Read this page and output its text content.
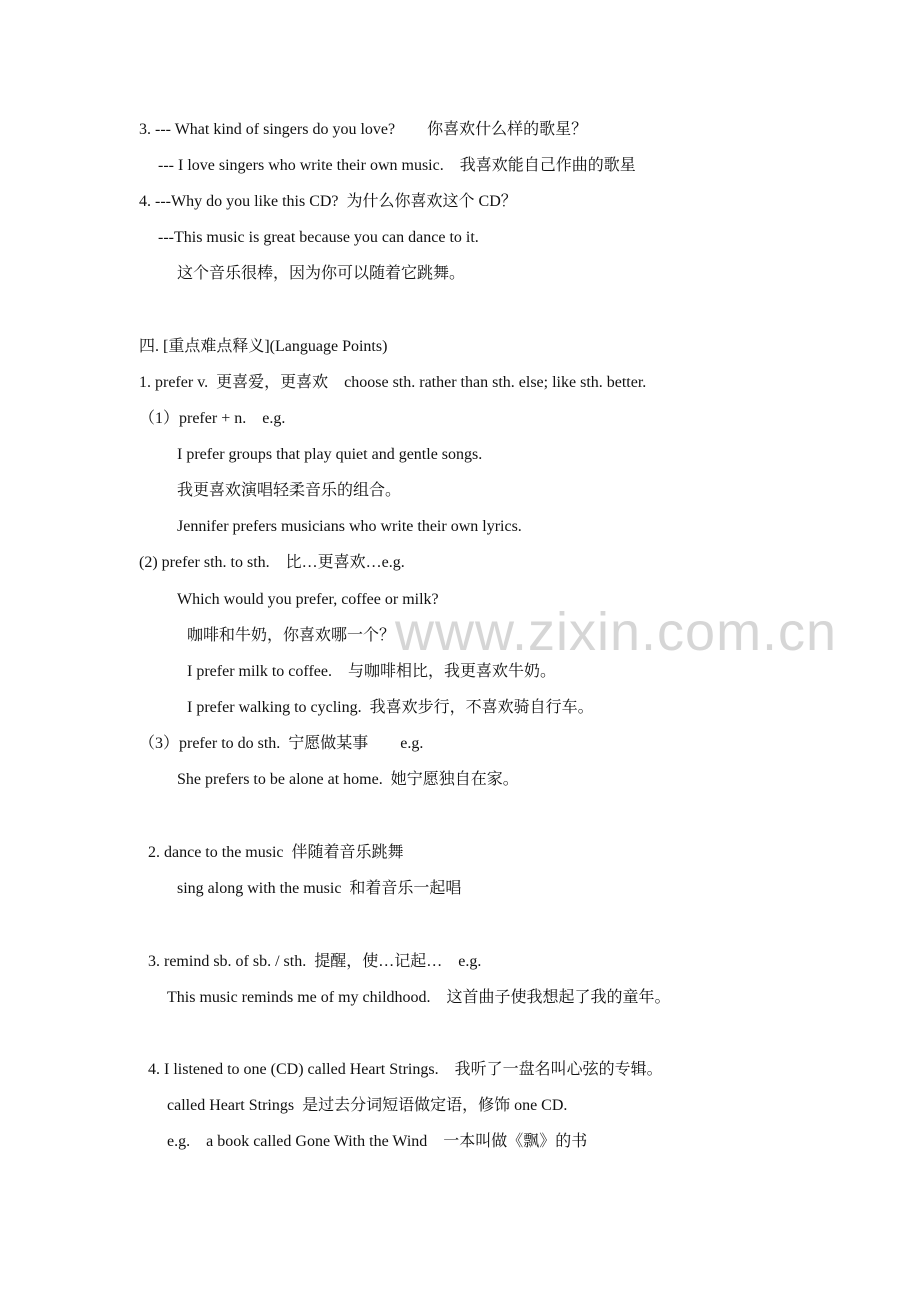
www.zixin.com.cn
3. --- What kind of singers do you love?        你喜欢什么样的歌星？
--- I love singers who write their own music.    我喜欢能自己作曲的歌星
4. ---Why do you like this CD?  为什么你喜欢这个 CD？
---This music is great because you can dance to it.
这个音乐很棒，因为你可以随着它跳舞。
四. [重点难点释义](Language Points)
1. prefer v.  更喜爱，更喜欢    choose sth. rather than sth. else; like sth. better.
（1）prefer + n.    e.g.
I prefer groups that play quiet and gentle songs.
我更喜欢演唱轻柔音乐的组合。
Jennifer prefers musicians who write their own lyrics.
(2) prefer sth. to sth.    比…更喜欢…e.g.
Which would you prefer, coffee or milk?
咖啡和牛奶，你喜欢哪一个？
I prefer milk to coffee.    与咖啡相比，我更喜欢牛奶。
I prefer walking to cycling.  我喜欢步行，不喜欢骑自行车。
（3）prefer to do sth.  宁愿做某事        e.g.
She prefers to be alone at home.  她宁愿独自在家。
2. dance to the music  伴随着音乐跳舞
sing along with the music  和着音乐一起唱
3. remind sb. of sb. / sth.  提醒，使…记起…    e.g.
This music reminds me of my childhood.    这首曲子使我想起了我的童年。
4. I listened to one (CD) called Heart Strings.    我听了一盘名叫心弦的专辑。
called Heart Strings  是过去分词短语做定语，修饰 one CD.
e.g.    a book called Gone With the Wind    一本叫做《飘》的书
